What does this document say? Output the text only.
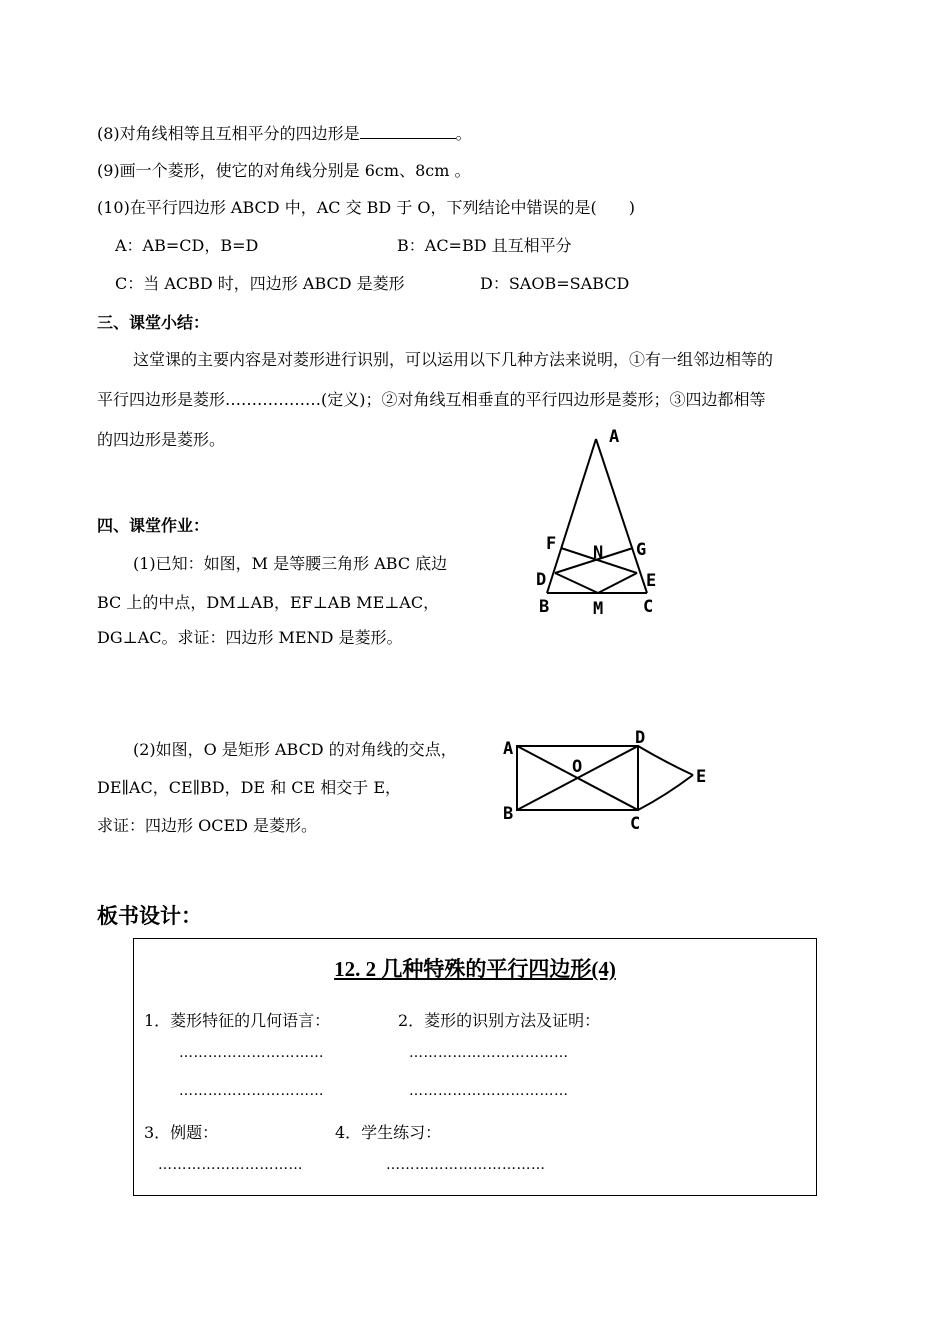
(8)对角线相等且互相平分的四边形是	。
(9)画一个菱形，使它的对角线分别是 6cm、8cm 。
(10)在平行四边形 ABCD 中，AC 交 BD 于 O，下列结论中错误的是(　　)
A：AB=CD，B=D	B：AC=BD 且互相平分
C：当 ACBD 时，四边形 ABCD 是菱形	D：SAOB=SABCD
三、课堂小结：
这堂课的主要内容是对菱形进行识别，可以运用以下几种方法来说明，①有一组邻边相等的
平行四边形是菱形………………(定义)；②对角线互相垂直的平行四边形是菱形；③四边都相等
的四边形是菱形。
四、课堂作业：
(1)已知：如图，M 是等腰三角形 ABC 底边
BC 上的中点，DM⊥AB，EF⊥AB ME⊥AC，
DG⊥AC。求证：四边形 MEND 是菱形。
A
F N G
D	E
B	M C
(2)如图，O 是矩形 ABCD 的对角线的交点，
DE∥AC，CE∥BD，DE 和 CE 相交于 E，
求证：四边形 OCED 是菱形。
A
D
O	E
B	C
板书设计：
12. 2 几种特殊的平行四边形(4)
1．菱形特征的几何语言：	2．菱形的识别方法及证明：
…………………………	……………………………
…………………………	……………………………
3．例题：	4．学生练习：
…………………………	……………………………
